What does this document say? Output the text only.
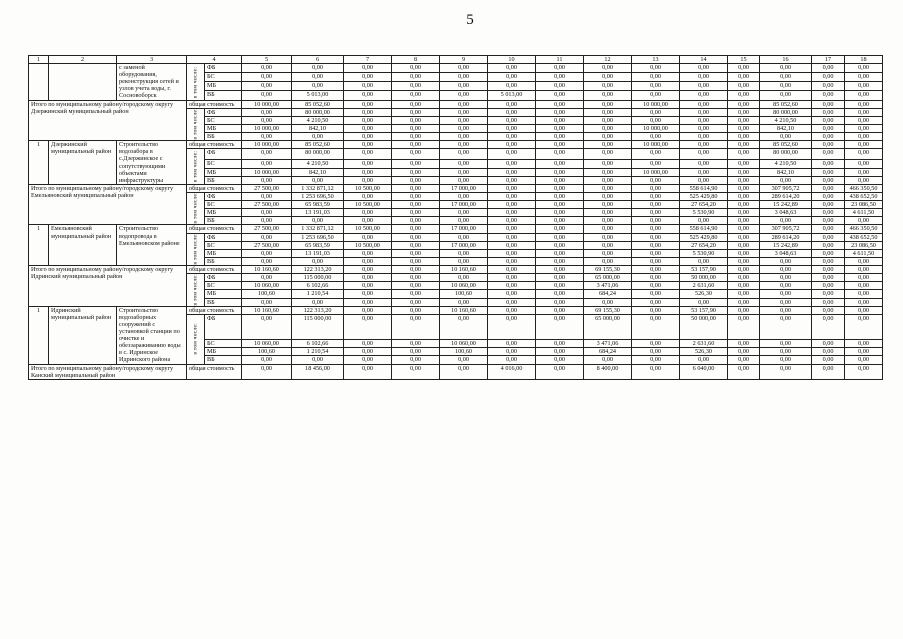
5
1	2	3	4		5	6	7	8	9	10	11	12	13	14	15	16	17	18
		с заменой оборудования, реконструкция сетей и узлов учета воды, г. Сосновоборск	в том числе:	ФБ	0,00	0,00	0,00	0,00	0,00	0,00	0,00	0,00	0,00	0,00	0,00	0,00	0,00	0,00
				БС	0,00	0,00	0,00	0,00	0,00	0,00	0,00	0,00	0,00	0,00	0,00	0,00	0,00	0,00
				МБ	0,00	0,00	0,00	0,00	0,00	0,00	0,00	0,00	0,00	0,00	0,00	0,00	0,00	0,00
				ВБ	0,00	5 013,00	0,00	0,00	0,00	5 013,00	0,00	0,00	0,00	0,00	0,00	0,00	0,00	0,00
Итого по муниципальному району/городскому округу Дзержинский муниципальный район			общая стоимость		10 000,00	85 052,60	0,00	0,00	0,00	0,00	0,00	0,00	10 000,00	0,00	0,00	85 052,60	0,00	0,00
			в том числе:	ФБ	0,00	80 000,00	0,00	0,00	0,00	0,00	0,00	0,00	0,00	0,00	0,00	80 000,00	0,00	0,00
				БС	0,00	4 210,50	0,00	0,00	0,00	0,00	0,00	0,00	0,00	0,00	0,00	4 210,50	0,00	0,00
				МБ	10 000,00	842,10	0,00	0,00	0,00	0,00	0,00	0,00	10 000,00	0,00	0,00	842,10	0,00	0,00
				ВБ	0,00	0,00	0,00	0,00	0,00	0,00	0,00	0,00	0,00	0,00	0,00	0,00	0,00	0,00
1	Дзержинский муниципальный район	Строительство водозабора в с.Дзержинское с сопутствующими объектами инфраструктуры	общая стоимость		10 000,00	85 052,60	0,00	0,00	0,00	0,00	0,00	0,00	10 000,00	0,00	0,00	85 052,60	0,00	0,00
			в том числе:	ФБ	0,00	80 000,00	0,00	0,00	0,00	0,00	0,00	0,00	0,00	0,00	0,00	80 000,00	0,00	0,00
				БС	0,00	4 210,50	0,00	0,00	0,00	0,00	0,00	0,00	0,00	0,00	0,00	4 210,50	0,00	0,00
				МБ	10 000,00	842,10	0,00	0,00	0,00	0,00	0,00	0,00	10 000,00	0,00	0,00	842,10	0,00	0,00
				ВБ	0,00	0,00	0,00	0,00	0,00	0,00	0,00	0,00	0,00	0,00	0,00	0,00	0,00	0,00
Итого по муниципальному району/городскому округу Емельяновский муниципальный район			общая стоимость		27 500,00	1 332 871,12	10 500,00	0,00	17 000,00	0,00	0,00	0,00	0,00	558 614,90	0,00	307 905,72	0,00	466 350,50
			в том числе:	ФБ	0,00	1 253 696,50	0,00	0,00	0,00	0,00	0,00	0,00	0,00	525 429,80	0,00	289 614,20	0,00	438 652,50
				БС	27 500,00	65 983,59	10 500,00	0,00	17 000,00	0,00	0,00	0,00	0,00	27 654,20	0,00	15 242,89	0,00	23 086,50
				МБ	0,00	13 191,03	0,00	0,00	0,00	0,00	0,00	0,00	0,00	5 530,90	0,00	3 048,63	0,00	4 611,50
				ВБ	0,00	0,00	0,00	0,00	0,00	0,00	0,00	0,00	0,00	0,00	0,00	0,00	0,00	0,00
1	Емельяновский муниципальный район	Строительство водопровода в Емельяновском районе	общая стоимость		27 500,00	1 332 871,12	10 500,00	0,00	17 000,00	0,00	0,00	0,00	0,00	558 614,90	0,00	307 905,72	0,00	466 350,50
			в том числе:	ФБ	0,00	1 253 696,50	0,00	0,00	0,00	0,00	0,00	0,00	0,00	525 429,80	0,00	289 614,20	0,00	438 652,50
				БС	27 500,00	65 983,59	10 500,00	0,00	17 000,00	0,00	0,00	0,00	0,00	27 654,20	0,00	15 242,89	0,00	23 086,50
				МБ	0,00	13 191,03	0,00	0,00	0,00	0,00	0,00	0,00	0,00	5 530,90	0,00	3 048,63	0,00	4 611,50
				ВБ	0,00	0,00	0,00	0,00	0,00	0,00	0,00	0,00	0,00	0,00	0,00	0,00	0,00	0,00
Итого по муниципальному району/городскому округу Идринский муниципальный район			общая стоимость		10 160,60	122 313,20	0,00	0,00	10 160,60	0,00	0,00	69 155,30	0,00	53 157,90	0,00	0,00	0,00	0,00
			в том числе:	ФБ	0,00	115 000,00	0,00	0,00	0,00	0,00	0,00	65 000,00	0,00	50 000,00	0,00	0,00	0,00	0,00
				БС	10 060,00	6 102,66	0,00	0,00	10 060,00	0,00	0,00	3 471,06	0,00	2 631,60	0,00	0,00	0,00	0,00
				МБ	100,60	1 210,54	0,00	0,00	100,60	0,00	0,00	684,24	0,00	526,30	0,00	0,00	0,00	0,00
				ВБ	0,00	0,00	0,00	0,00	0,00	0,00	0,00	0,00	0,00	0,00	0,00	0,00	0,00	0,00
1	Идринский муниципальный район	Строительство водозаборных сооружений с установкой станции по очистке и обеззараживанию воды в с. Идринское Идринского района	общая стоимость		10 160,60	122 313,20	0,00	0,00	10 160,60	0,00	0,00	69 155,30	0,00	53 157,90	0,00	0,00	0,00	0,00
			в том числе:	ФБ	0,00	115 000,00	0,00	0,00	0,00	0,00	0,00	65 000,00	0,00	50 000,00	0,00	0,00	0,00	0,00
				БС	10 060,00	6 102,66	0,00	0,00	10 060,00	0,00	0,00	3 471,06	0,00	2 631,60	0,00	0,00	0,00	0,00
				МБ	100,60	1 210,54	0,00	0,00	100,60	0,00	0,00	684,24	0,00	526,30	0,00	0,00	0,00	0,00
				ВБ	0,00	0,00	0,00	0,00	0,00	0,00	0,00	0,00	0,00	0,00	0,00	0,00	0,00	0,00
Итого по муниципальному району/городскому округу Канский муниципальный район			общая стоимость		0,00	18 456,00	0,00	0,00	0,00	4 016,00	0,00	8 400,00	0,00	6 040,00	0,00	0,00	0,00	0,00
